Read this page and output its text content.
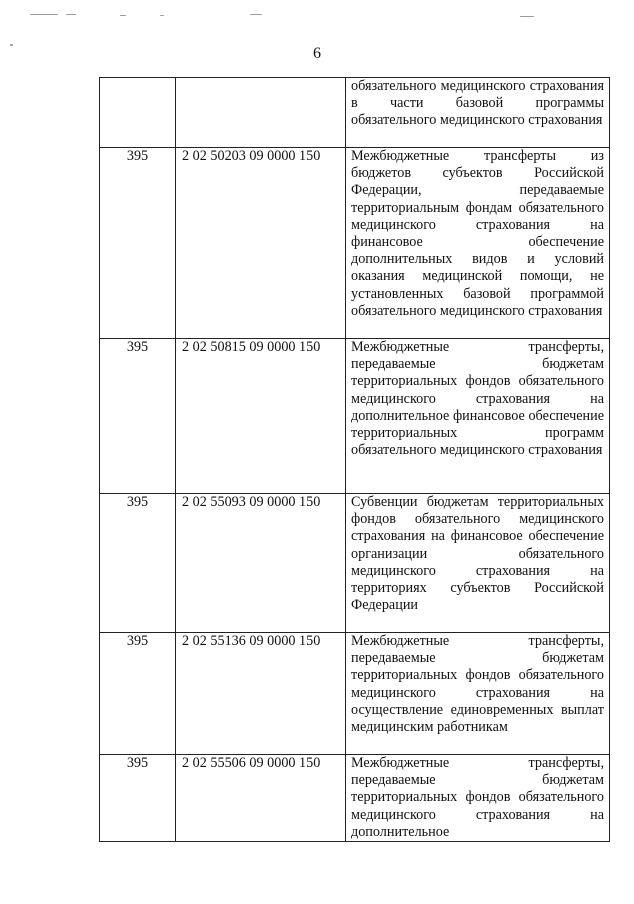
6

		обязательного медицинского страхования в части базовой программы обязательного медицинского страхования

395	2 02 50203 09 0000 150	Межбюджетные трансферты из бюджетов субъектов Российской Федерации, передаваемые территориальным фондам обязательного медицинского страхования на финансовое обеспечение дополнительных видов и условий оказания медицинской помощи, не установленных базовой программой обязательного медицинского страхования

395	2 02 50815 09 0000 150	Межбюджетные трансферты, передаваемые бюджетам территориальных фондов обязательного медицинского страхования на дополнительное финансовое обеспечение территориальных программ обязательного медицинского страхования

395	2 02 55093 09 0000 150	Субвенции бюджетам территориальных фондов обязательного медицинского страхования на финансовое обеспечение организации обязательного медицинского страхования на территориях субъектов Российской Федерации

395	2 02 55136 09 0000 150	Межбюджетные трансферты, передаваемые бюджетам территориальных фондов обязательного медицинского страхования на осуществление единовременных выплат медицинским работникам

395	2 02 55506 09 0000 150	Межбюджетные трансферты, передаваемые бюджетам территориальных фондов обязательного медицинского страхования на дополнительное
